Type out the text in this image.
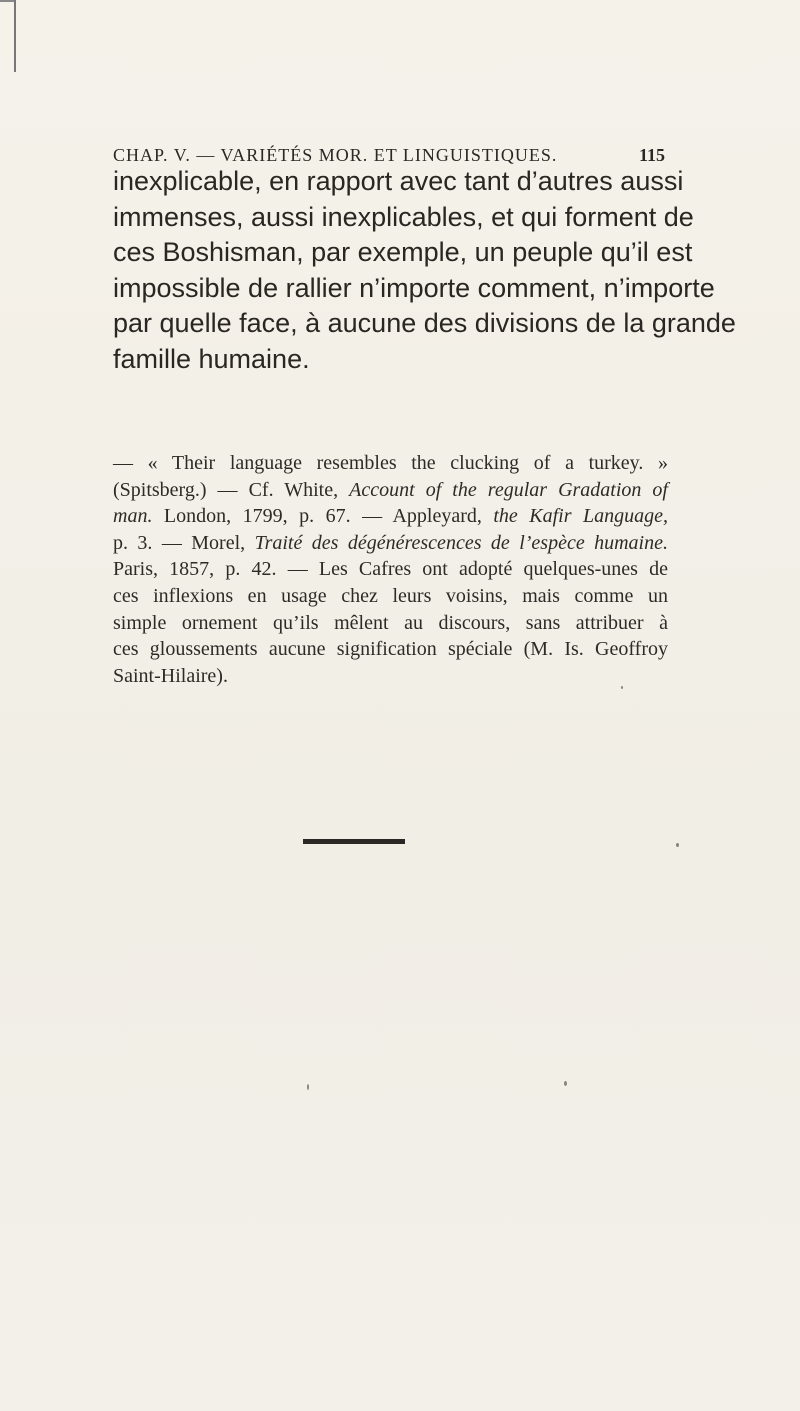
CHAP. V. — VARIÉTÉS MOR. ET LINGUISTIQUES.	115
inexplicable, en rapport avec tant d’autres aussi
immenses, aussi inexplicables, et qui forment de
ces Boshisman, par exemple, un peuple qu’il est
impossible de rallier n’importe comment, n’importe
par quelle face, à aucune des divisions de la grande
famille humaine.
— « Their language resembles the clucking of a turkey. »
(Spitsberg.) — Cf. White, Account of the regular Gradation of
man. London, 1799, p. 67. — Appleyard, the Kafir Language,
p. 3. — Morel, Traité des dégénérescences de l’espèce humaine.
Paris, 1857, p. 42. — Les Cafres ont adopté quelques-unes de
ces inflexions en usage chez leurs voisins, mais comme un
simple ornement qu’ils mêlent au discours, sans attribuer à
ces gloussements aucune signification spéciale (M. Is. Geoffroy
Saint-Hilaire).
